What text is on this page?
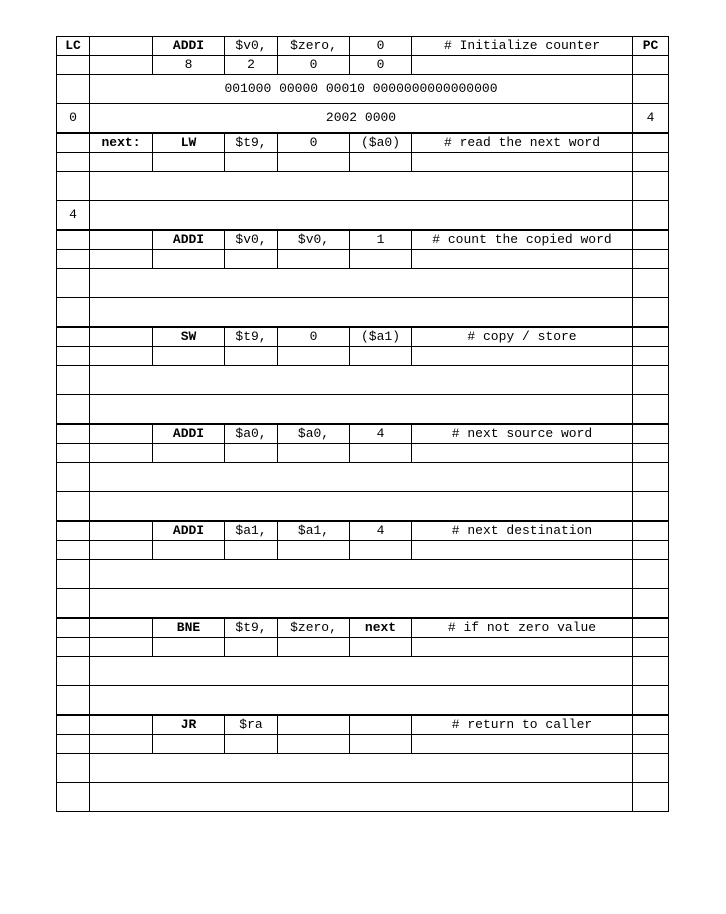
LC		ADDI	$v0,	$zero,	0	# Initialize counter	PC
		8	2	0	0		
	001000 00000 00010 0000000000000000						
0	2002 0000						4
	next:	LW	$t9,	0	($a0)	# read the next word	

4							
		ADDI	$v0,	$v0,	1	# count the copied word	

		SW	$t9,	0	($a1)	# copy / store	

		ADDI	$a0,	$a0,	4	# next source word	

		ADDI	$a1,	$a1,	4	# next destination	

		BNE	$t9,	$zero,	next	# if not zero value	

		JR	$ra			# return to caller	
